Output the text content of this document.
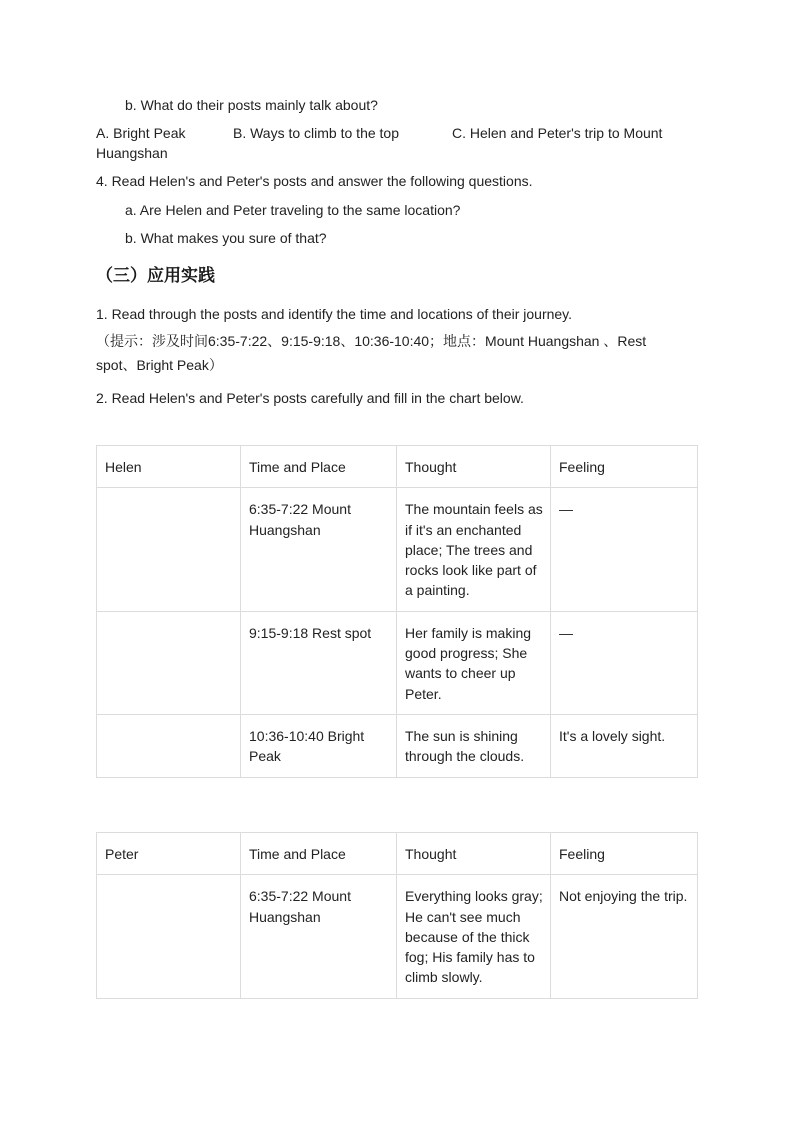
b. What do their posts mainly talk about?
A. Bright Peak	B. Ways to climb to the top	C. Helen and Peter's trip to Mount
Huangshan
4. Read Helen's and Peter's posts and answer the following questions.
a. Are Helen and Peter traveling to the same location?
b. What makes you sure of that?
（三）应用实践
1. Read through the posts and identify the time and locations of their journey.
（提示：涉及时间6:35-7:22、9:15-9:18、10:36-10:40；地点：Mount Huangshan 、Rest
spot、Bright Peak）
2. Read Helen's and Peter's posts carefully and fill in the chart below.
Helen	Time and Place	Thought	Feeling
	6:35-7:22 Mount Huangshan	The mountain feels as if it's an enchanted place; The trees and rocks look like part of a painting.	—
	9:15-9:18 Rest spot	Her family is making good progress; She wants to cheer up Peter.	—
	10:36-10:40 Bright Peak	The sun is shining through the clouds.	It's a lovely sight.
Peter	Time and Place	Thought	Feeling
	6:35-7:22 Mount Huangshan	Everything looks gray; He can't see much because of the thick fog; His family has to climb slowly.	Not enjoying the trip.
